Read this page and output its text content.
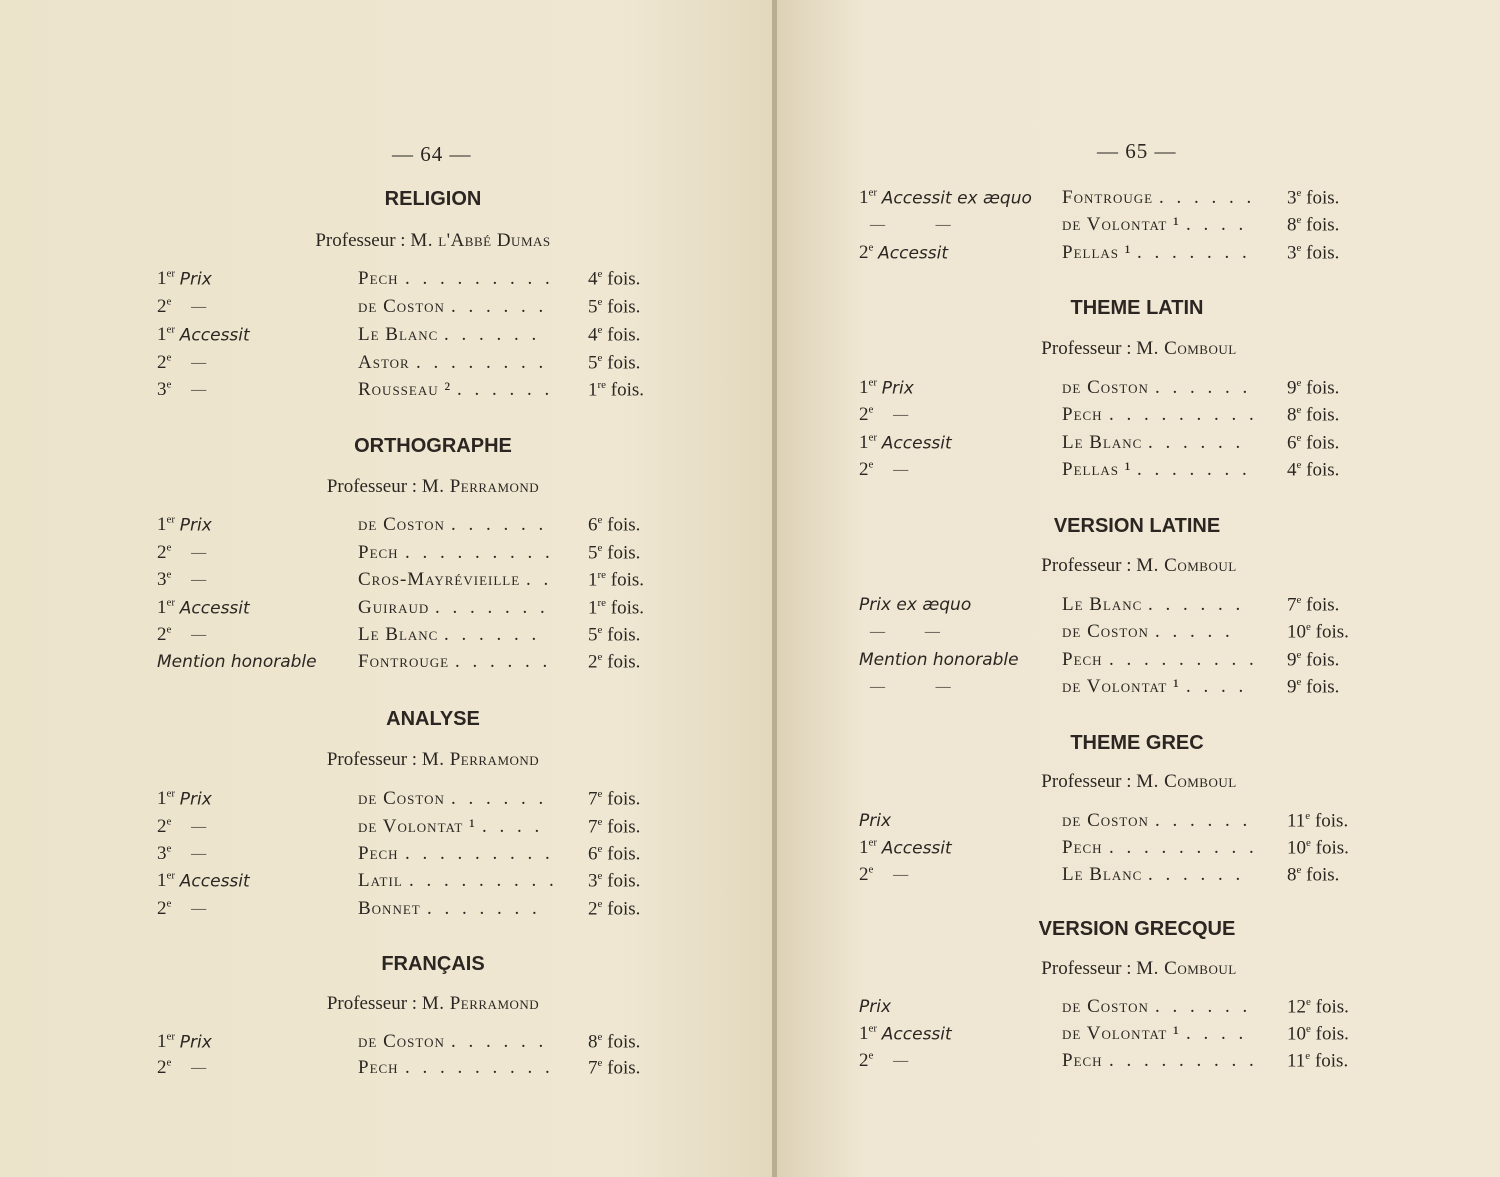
— 64 —
RELIGION
Professeur : M. l'Abbé Dumas
1er Prix	Pech . . . . . . . . . 4e fois.
2e —	de Coston . . . . . . 5e fois.
1er Accessit	Le Blanc . . . . . .	4e fois.
2e —	Astor . . . . . . . . 5e fois.
3e —	Rousseau ² . . . . . . 1re fois.
ORTHOGRAPHE
Professeur : M. Perramond
1er Prix	de Coston . . . . . . 6e fois.
2e —	Pech . . . . . . . . . 5e fois.
3e —	Cros-Mayrévieille . . 1re fois.
1er Accessit	Guiraud . . . . . . . 1re fois.
2e —	Le Blanc . . . . . .	5e fois.
Mention honorable Fontrouge . . . . . . 2e fois.
ANALYSE
Professeur : M. Perramond
1er Prix	de Coston . . . . . . 7e fois.
2e —	de Volontat ¹ . . . . 7e fois.
3e —	Pech . . . . . . . . . 6e fois.
1er Accessit	Latil . . . . . . . . . 3e fois.
2e —	Bonnet . . . . . . . 2e fois.
FRANÇAIS
Professeur : M. Perramond
1er Prix	de Coston . . . . . . 8e fois.
2e —	Pech . . . . . . . . . 7e fois.
— 65 —
1er Accessit ex æquo Fontrouge . . . . . . 3e fois.
—         —	de Volontat ¹ . . . . 8e fois.
2e Accessit	Pellas ¹ . . . . . . . 3e fois.
THEME LATIN
Professeur : M. Comboul
1er Prix	de Coston . . . . . . 9e fois.
2e —	Pech . . . . . . . . . 8e fois.
1er Accessit	Le Blanc . . . . . . 6e fois.
2e —	Pellas ¹ . . . . . . . 4e fois.
VERSION LATINE
Professeur : M. Comboul
Prix ex æquo	Le Blanc . . . . . . 7e fois.
—       —	de Coston . . . . .	10e fois.
Mention honorable Pech . . . . . . . . . 9e fois.
—         —	de Volontat ¹ . . . . 9e fois.
THEME GREC
Professeur : M. Comboul
Prix	de Coston . . . . . . 11e fois.
1er Accessit	Pech . . . . . . . . . 10e fois.
2e —	Le Blanc . . . . . . 8e fois.
VERSION GRECQUE
Professeur : M. Comboul
Prix	de Coston . . . . . . 12e fois.
1er Accessit	de Volontat ¹ . . . . 10e fois.
2e —	Pech . . . . . . . . . 11e fois.
